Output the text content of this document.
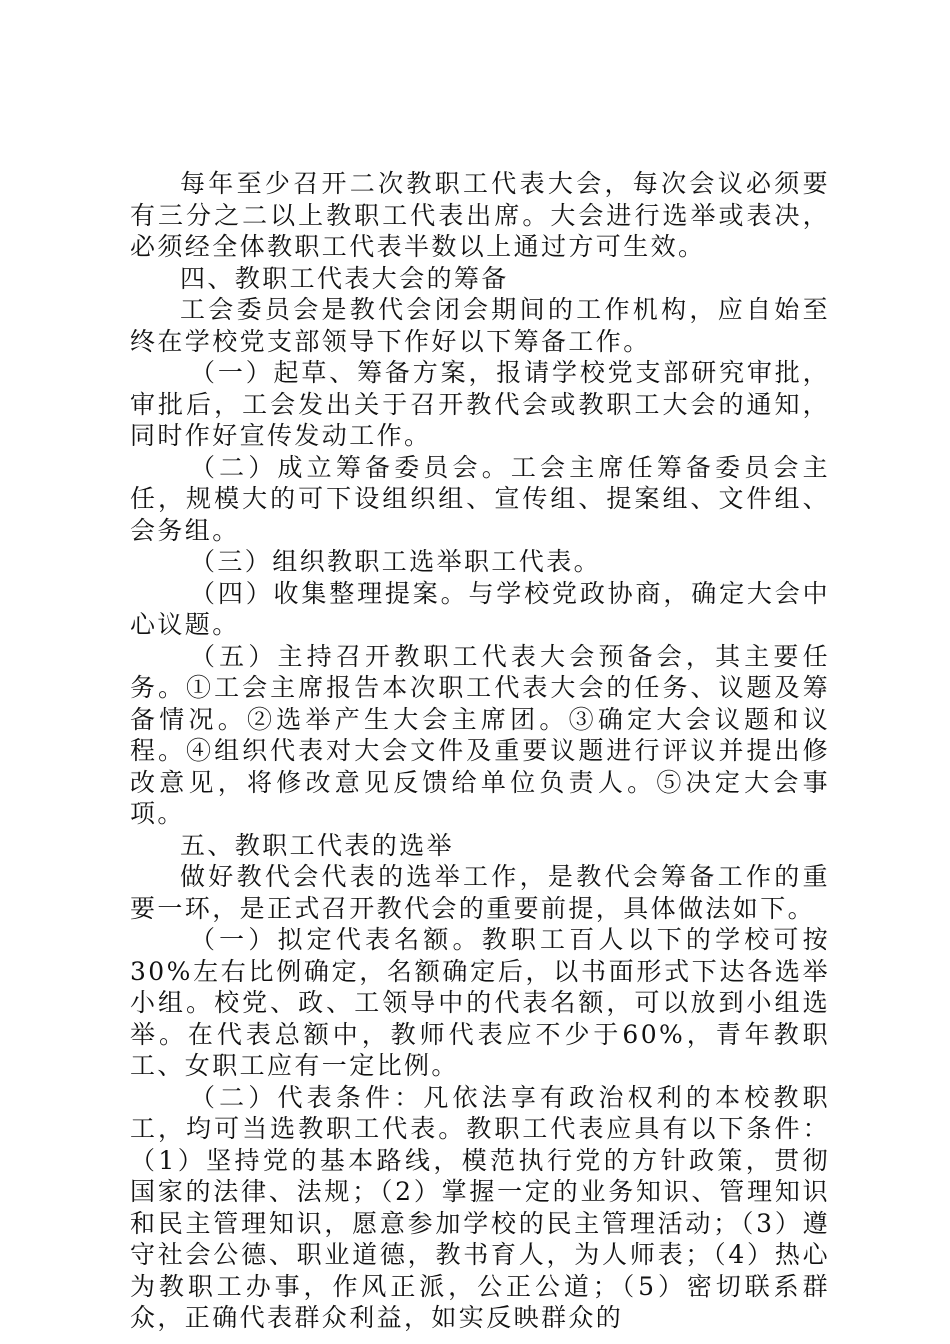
每年至少召开二次教职工代表大会，每次会议必须要有三分之二以上教职工代表出席。大会进行选举或表决，必须经全体教职工代表半数以上通过方可生效。

四、教职工代表大会的筹备

工会委员会是教代会闭会期间的工作机构，应自始至终在学校党支部领导下作好以下筹备工作。

（一）起草、筹备方案，报请学校党支部研究审批，审批后，工会发出关于召开教代会或教职工大会的通知，同时作好宣传发动工作。

（二）成立筹备委员会。工会主席任筹备委员会主任，规模大的可下设组织组、宣传组、提案组、文件组、会务组。

（三）组织教职工选举职工代表。

（四）收集整理提案。与学校党政协商，确定大会中心议题。

（五）主持召开教职工代表大会预备会，其主要任务。①工会主席报告本次职工代表大会的任务、议题及筹备情况。②选举产生大会主席团。③确定大会议题和议程。④组织代表对大会文件及重要议题进行评议并提出修改意见，将修改意见反馈给单位负责人。⑤决定大会事项。

五、教职工代表的选举

做好教代会代表的选举工作，是教代会筹备工作的重要一环，是正式召开教代会的重要前提，具体做法如下。

（一）拟定代表名额。教职工百人以下的学校可按30%左右比例确定，名额确定后，以书面形式下达各选举小组。校党、政、工领导中的代表名额，可以放到小组选举。在代表总额中，教师代表应不少于60%，青年教职工、女职工应有一定比例。

（二）代表条件：凡依法享有政治权利的本校教职工，均可当选教职工代表。教职工代表应具有以下条件：（1）坚持党的基本路线，模范执行党的方针政策，贯彻国家的法律、法规；（2）掌握一定的业务知识、管理知识和民主管理知识，愿意参加学校的民主管理活动；（3）遵守社会公德、职业道德，教书育人，为人师表；（4）热心为教职工办事，作风正派，公正公道；（5）密切联系群众，正确代表群众利益，如实反映群众的
